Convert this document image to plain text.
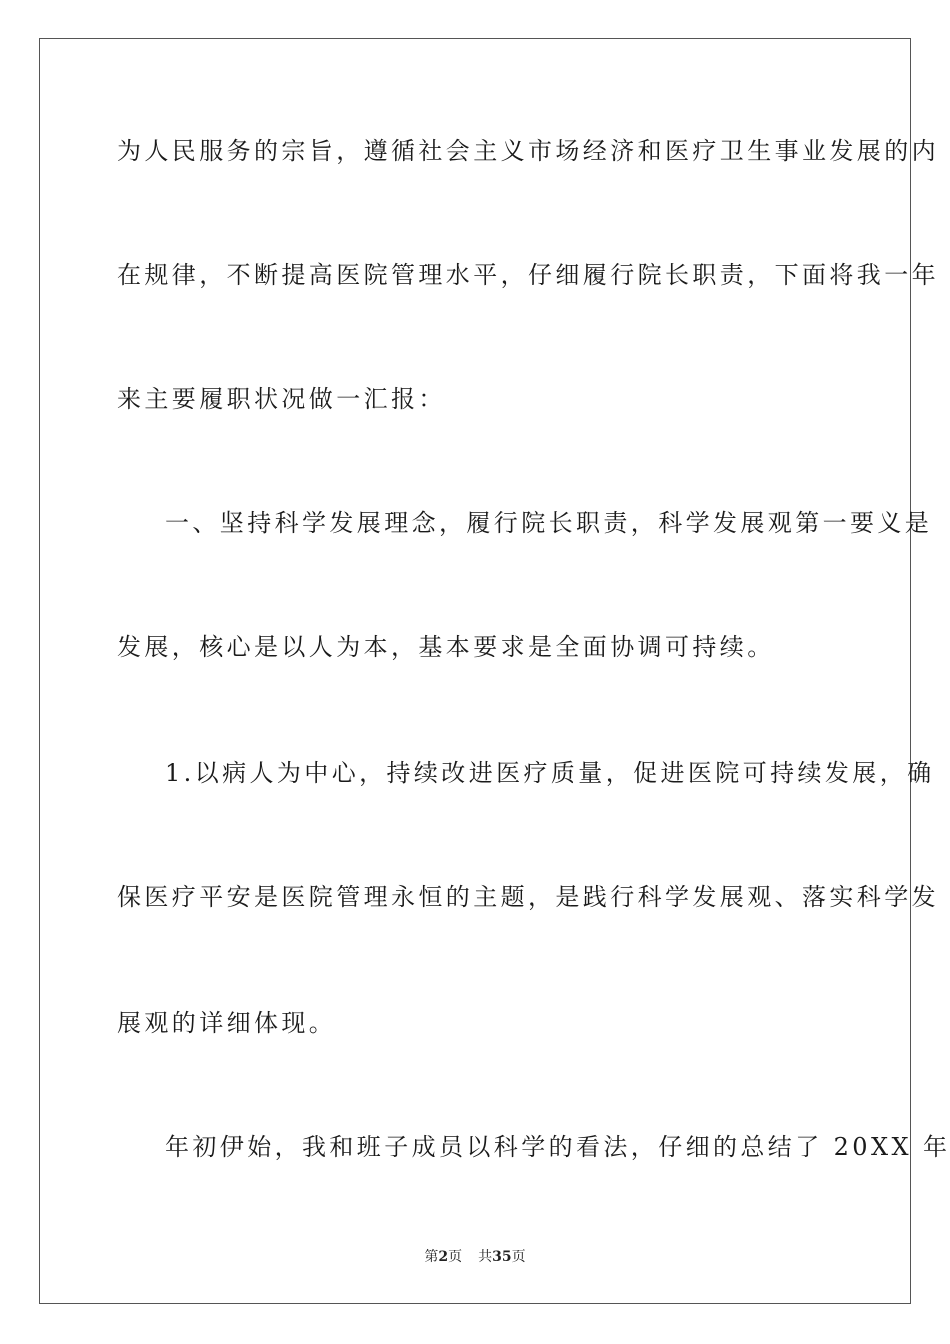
为人民服务的宗旨，遵循社会主义市场经济和医疗卫生事业发展的内
在规律，不断提高医院管理水平，仔细履行院长职责，下面将我一年
来主要履职状况做一汇报：
一、坚持科学发展理念，履行院长职责，科学发展观第一要义是
发展，核心是以人为本，基本要求是全面协调可持续。
1.以病人为中心，持续改进医疗质量，促进医院可持续发展，确
保医疗平安是医院管理永恒的主题，是践行科学发展观、落实科学发
展观的详细体现。
年初伊始，我和班子成员以科学的看法，仔细的总结了 20XX 年
第2页 共35页
